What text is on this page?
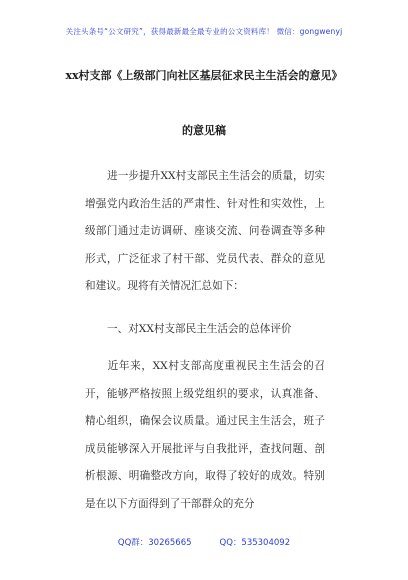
关注头条号“公文研究”，获得最新最全最专业的公文资料库！ 微信：gongwenyj
xx村支部《上级部门向社区基层征求民主生活会的意见》
的意见稿
进一步提升XX村支部民主生活会的质量，切实增强党内政治生活的严肃性、针对性和实效性，上级部门通过走访调研、座谈交流、问卷调查等多种形式，广泛征求了村干部、党员代表、群众的意见和建议。现将有关情况汇总如下：
一、对XX村支部民主生活会的总体评价
近年来，XX村支部高度重视民主生活会的召开，能够严格按照上级党组织的要求，认真准备、精心组织，确保会议质量。通过民主生活会，班子成员能够深入开展批评与自我批评，查找问题、剖析根源、明确整改方向，取得了较好的成效。特别是在以下方面得到了干部群众的充分
QQ群：30265665	QQ：535304092
